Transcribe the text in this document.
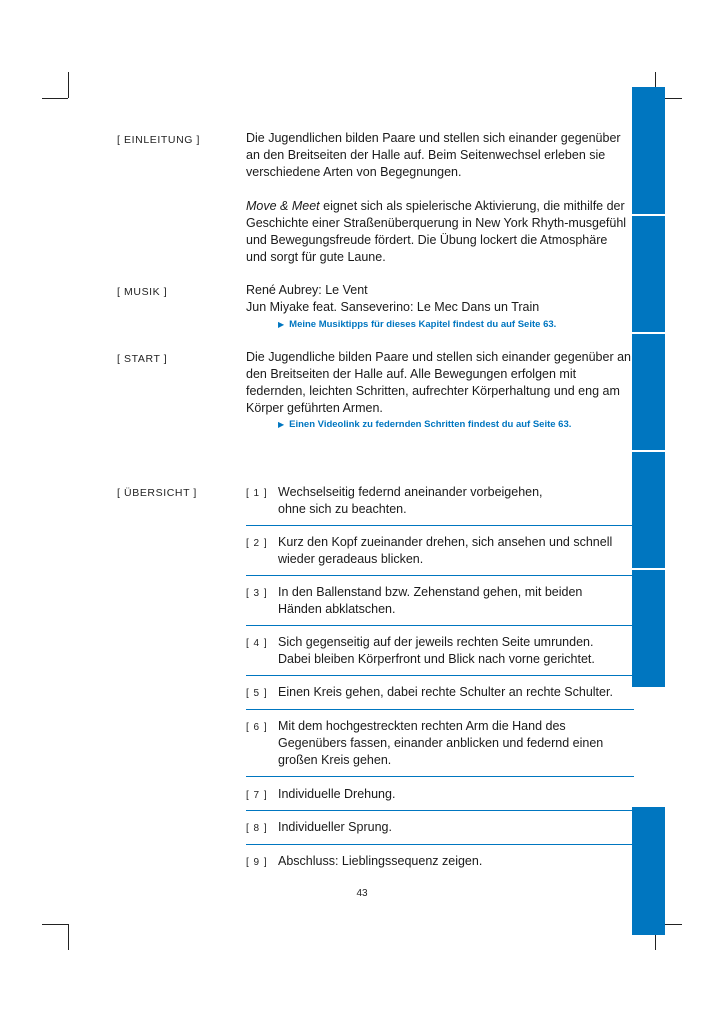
[ EINLEITUNG ]	Die Jugendlichen bilden Paare und stellen sich einander gegenüber an den Breitseiten der Halle auf. Beim Seitenwechsel erleben sie verschiedene Arten von Begegnungen.

Move & Meet eignet sich als spielerische Aktivierung, die mithilfe der Geschichte einer Straßenüberquerung in New York Rhyth-musgefühl und Bewegungsfreude fördert. Die Übung lockert die Atmosphäre und sorgt für gute Laune.

[ MUSIK ]	René Aubrey: Le Vent

Jun Miyake feat. Sanseverino: Le Mec Dans un Train

▶ Meine Musiktipps für dieses Kapitel findest du auf Seite 63.
[ START ]	Die Jugendliche bilden Paare und stellen sich einander gegenüber an den Breitseiten der Halle auf. Alle Bewegungen erfolgen mit federnden, leichten Schritten, aufrechter Körperhaltung und eng am Körper geführten Armen.
▶ Einen Videolink zu federnden Schritten findest du auf Seite 63.
[ ÜBERSICHT ]	[ 1 ] Wechselseitig federnd aneinander vorbeigehen, ohne sich zu beachten.
[ 2 ] Kurz den Kopf zueinander drehen, sich ansehen und schnell wieder geradeaus blicken.
[ 3 ] In den Ballenstand bzw. Zehenstand gehen, mit beiden Händen abklatschen.
[ 4 ] Sich gegenseitig auf der jeweils rechten Seite umrunden. Dabei bleiben Körperfront und Blick nach vorne gerichtet.
[ 5 ] Einen Kreis gehen, dabei rechte Schulter an rechte Schulter.
[ 6 ] Mit dem hochgestreckten rechten Arm die Hand des Gegenübers fassen, einander anblicken und federnd einen großen Kreis gehen.
[ 7 ] Individuelle Drehung.
[ 8 ] Individueller Sprung.
[ 9 ] Abschluss: Lieblingssequenz zeigen.
43
